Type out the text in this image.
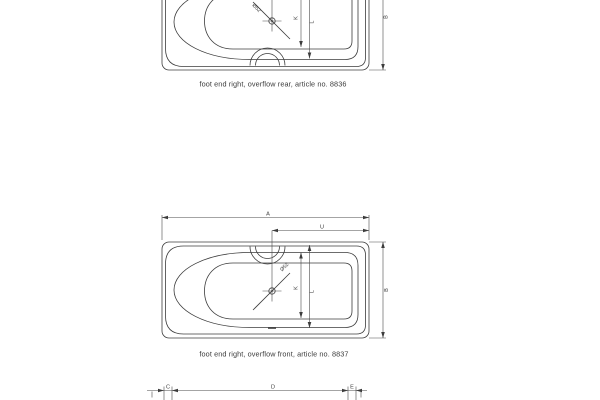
Ø52
K
L
B
foot end right, overflow rear, article no. 8836
Ø52
A
U
B
K
L
foot end right, overflow front, article no. 8837
C	D	E
